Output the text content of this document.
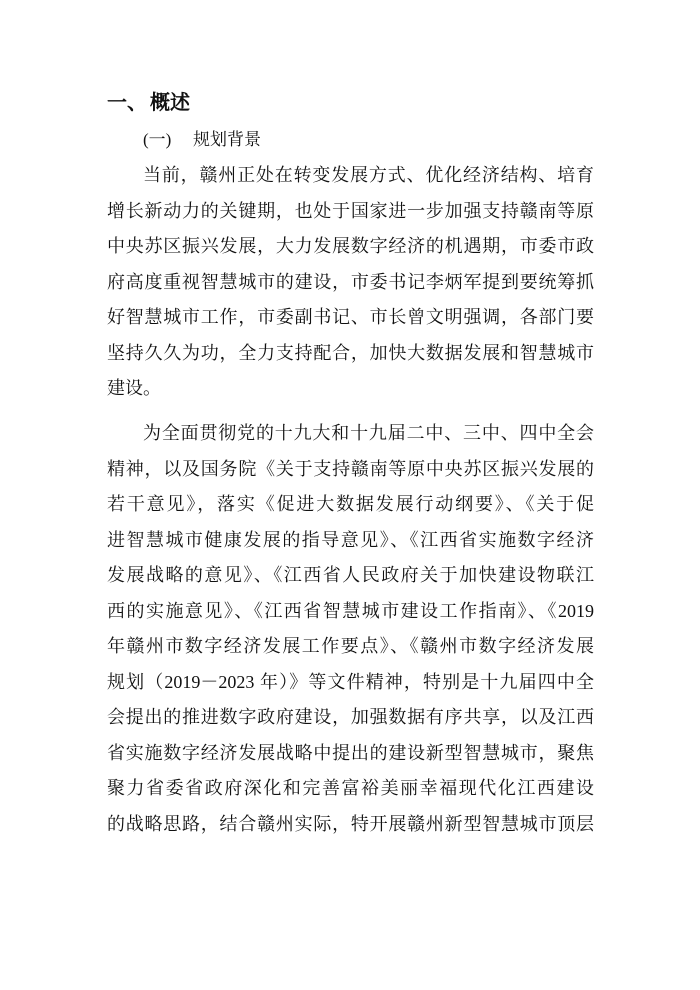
一、 概述
(一) 规划背景
当前，赣州正处在转变发展方式、优化经济结构、培育
增长新动力的关键期，也处于国家进一步加强支持赣南等原
中央苏区振兴发展，大力发展数字经济的机遇期，市委市政
府高度重视智慧城市的建设，市委书记李炳军提到要统筹抓
好智慧城市工作，市委副书记、市长曾文明强调，各部门要
坚持久久为功，全力支持配合，加快大数据发展和智慧城市
建设。
为全面贯彻党的十九大和十九届二中、三中、四中全会
精神，以及国务院《关于支持赣南等原中央苏区振兴发展的
若干意见》，落实《促进大数据发展行动纲要》、《关于促
进智慧城市健康发展的指导意见》、《江西省实施数字经济
发展战略的意见》、《江西省人民政府关于加快建设物联江
西的实施意见》、《江西省智慧城市建设工作指南》、《2019
年赣州市数字经济发展工作要点》、《赣州市数字经济发展
规划（2019－2023 年）》等文件精神，特别是十九届四中全
会提出的推进数字政府建设，加强数据有序共享，以及江西
省实施数字经济发展战略中提出的建设新型智慧城市，聚焦
聚力省委省政府深化和完善富裕美丽幸福现代化江西建设
的战略思路，结合赣州实际，特开展赣州新型智慧城市顶层
